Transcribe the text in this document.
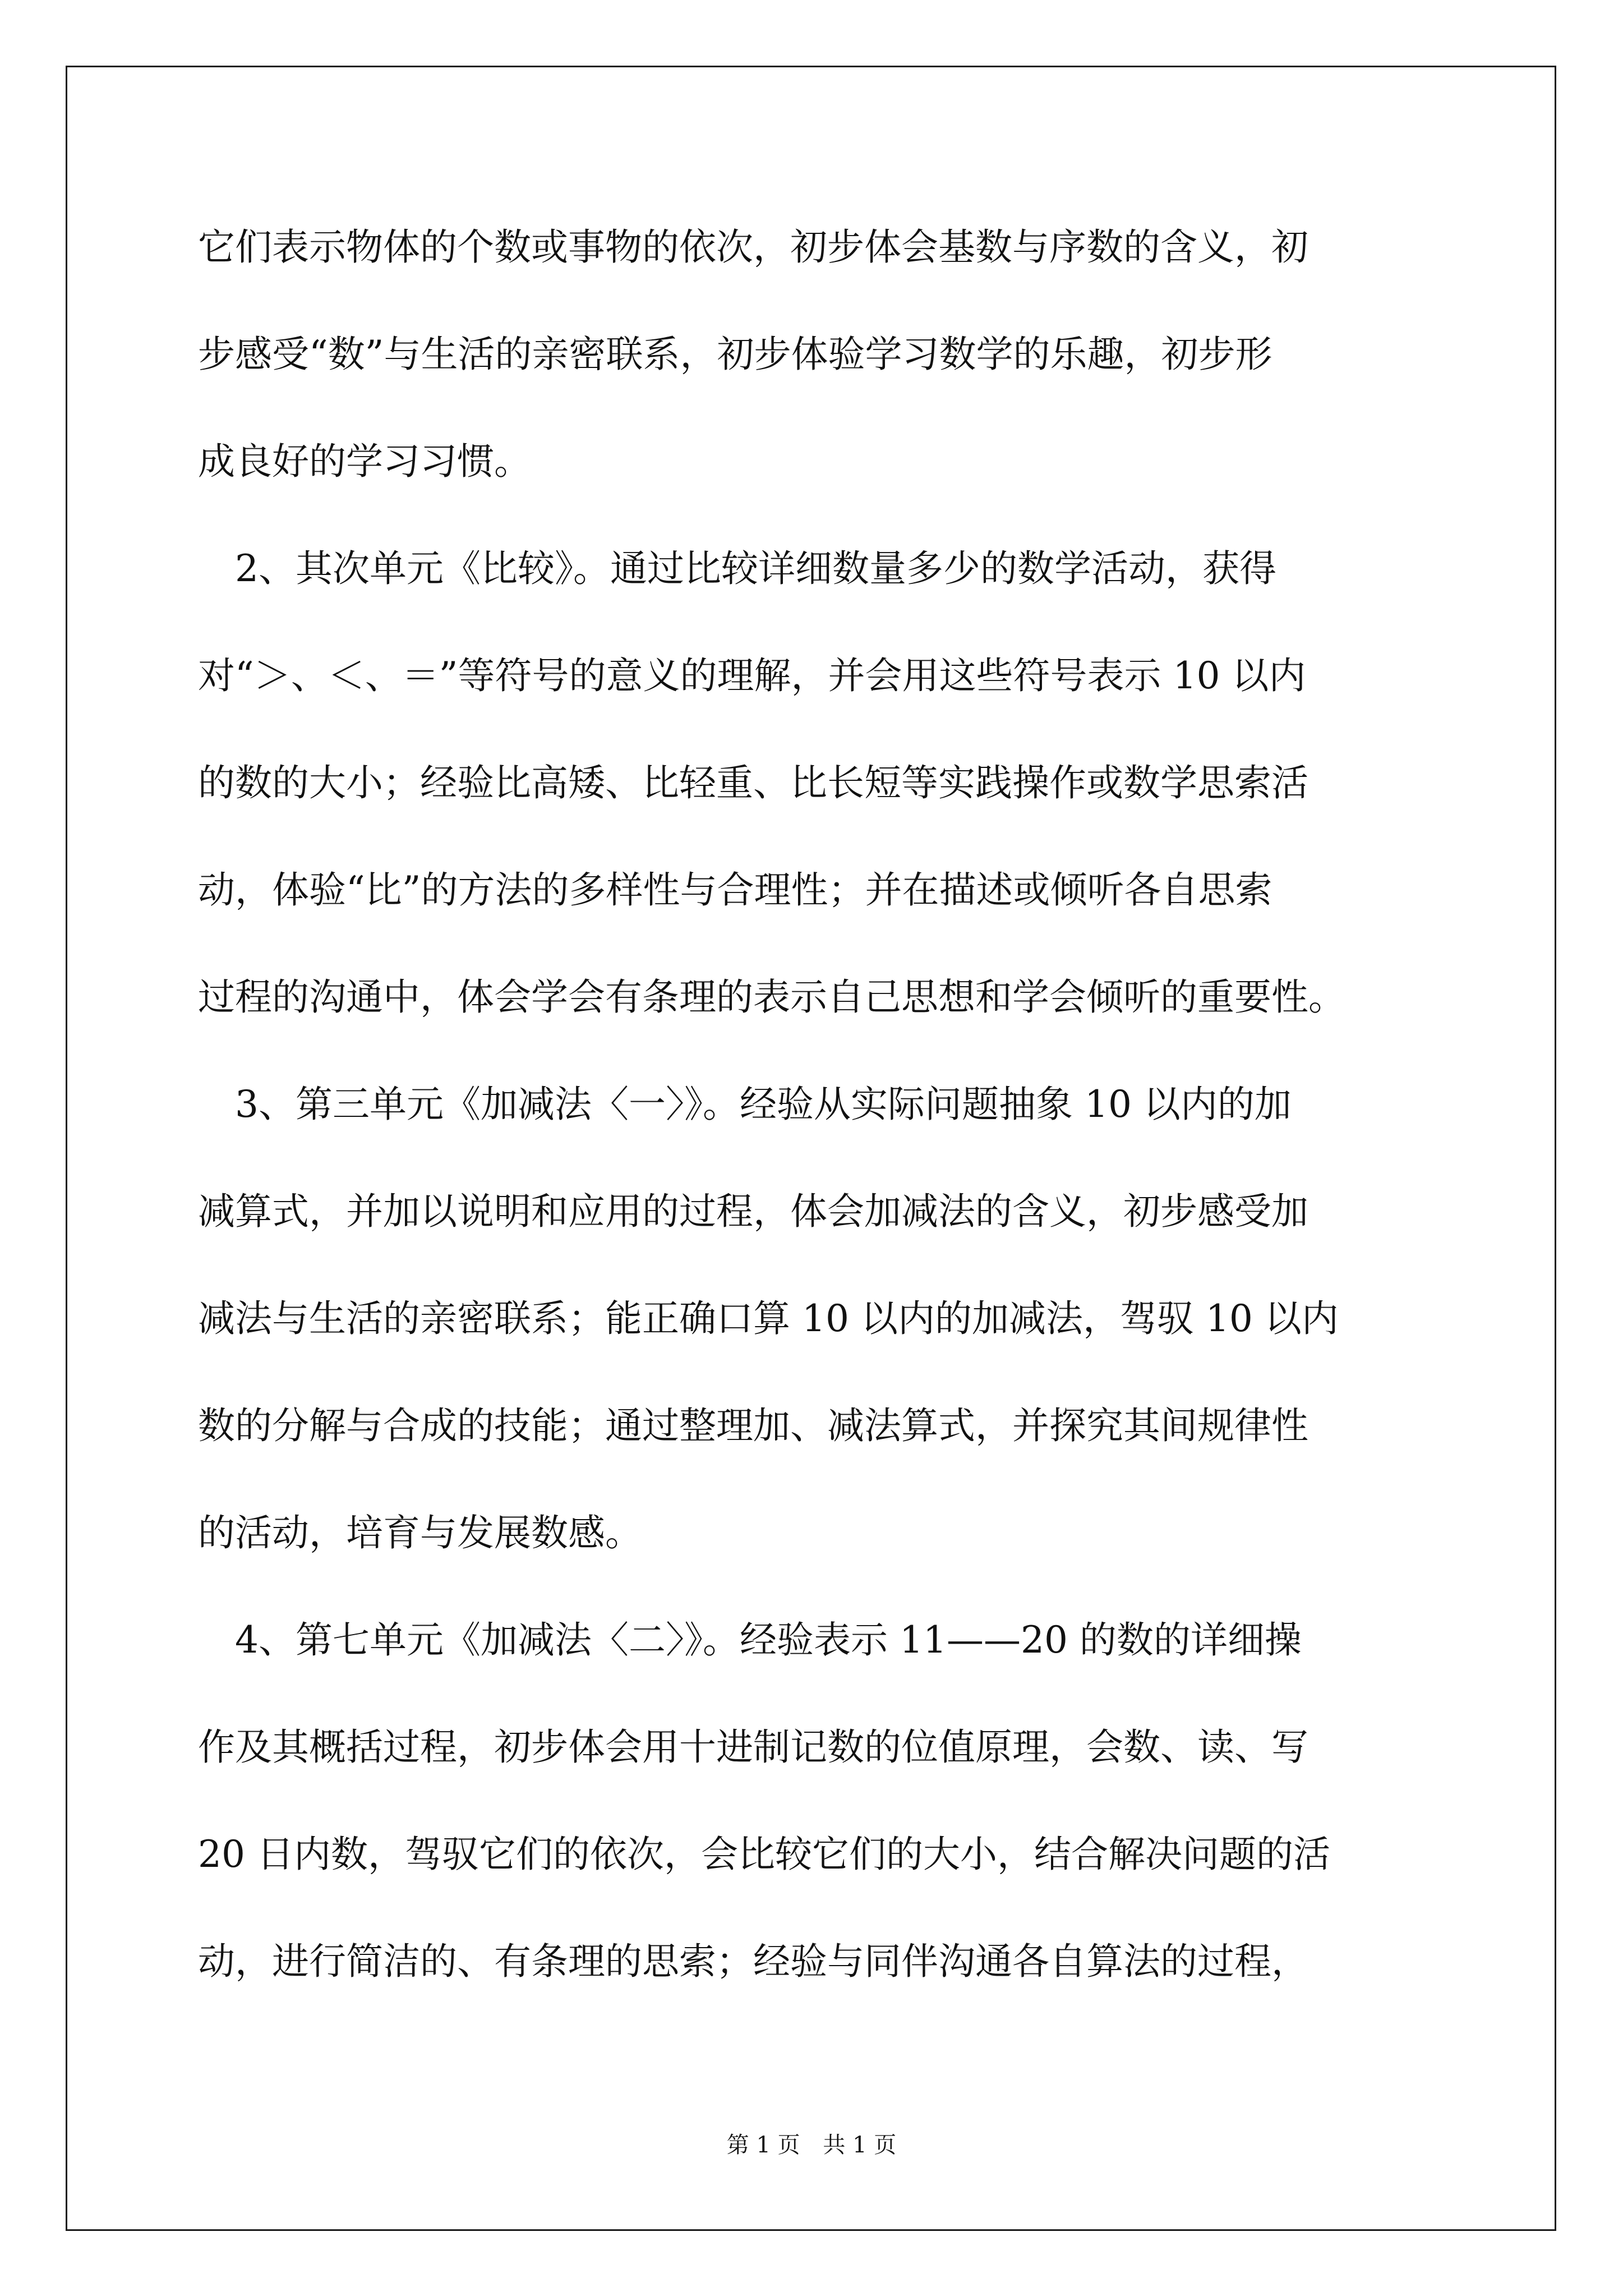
它们表示物体的个数或事物的依次，初步体会基数与序数的含义，初

步感受“数”与生活的亲密联系，初步体验学习数学的乐趣，初步形

成良好的学习习惯。

　2、其次单元《比较》。通过比较详细数量多少的数学活动，获得

对“＞、＜、＝”等符号的意义的理解，并会用这些符号表示 10 以内

的数的大小；经验比高矮、比轻重、比长短等实践操作或数学思索活

动，体验“比”的方法的多样性与合理性；并在描述或倾听各自思索

过程的沟通中，体会学会有条理的表示自己思想和学会倾听的重要性。

　3、第三单元《加减法〈一〉》。经验从实际问题抽象 10 以内的加

减算式，并加以说明和应用的过程，体会加减法的含义，初步感受加

减法与生活的亲密联系；能正确口算 10 以内的加减法，驾驭 10 以内

数的分解与合成的技能；通过整理加、减法算式，并探究其间规律性

的活动，培育与发展数感。

　4、第七单元《加减法〈二〉》。经验表示 11——20 的数的详细操

作及其概括过程，初步体会用十进制记数的位值原理，会数、读、写

20 日内数，驾驭它们的依次，会比较它们的大小，结合解决问题的活

动，进行简洁的、有条理的思索；经验与同伴沟通各自算法的过程，

第 1 页 共 1 页
